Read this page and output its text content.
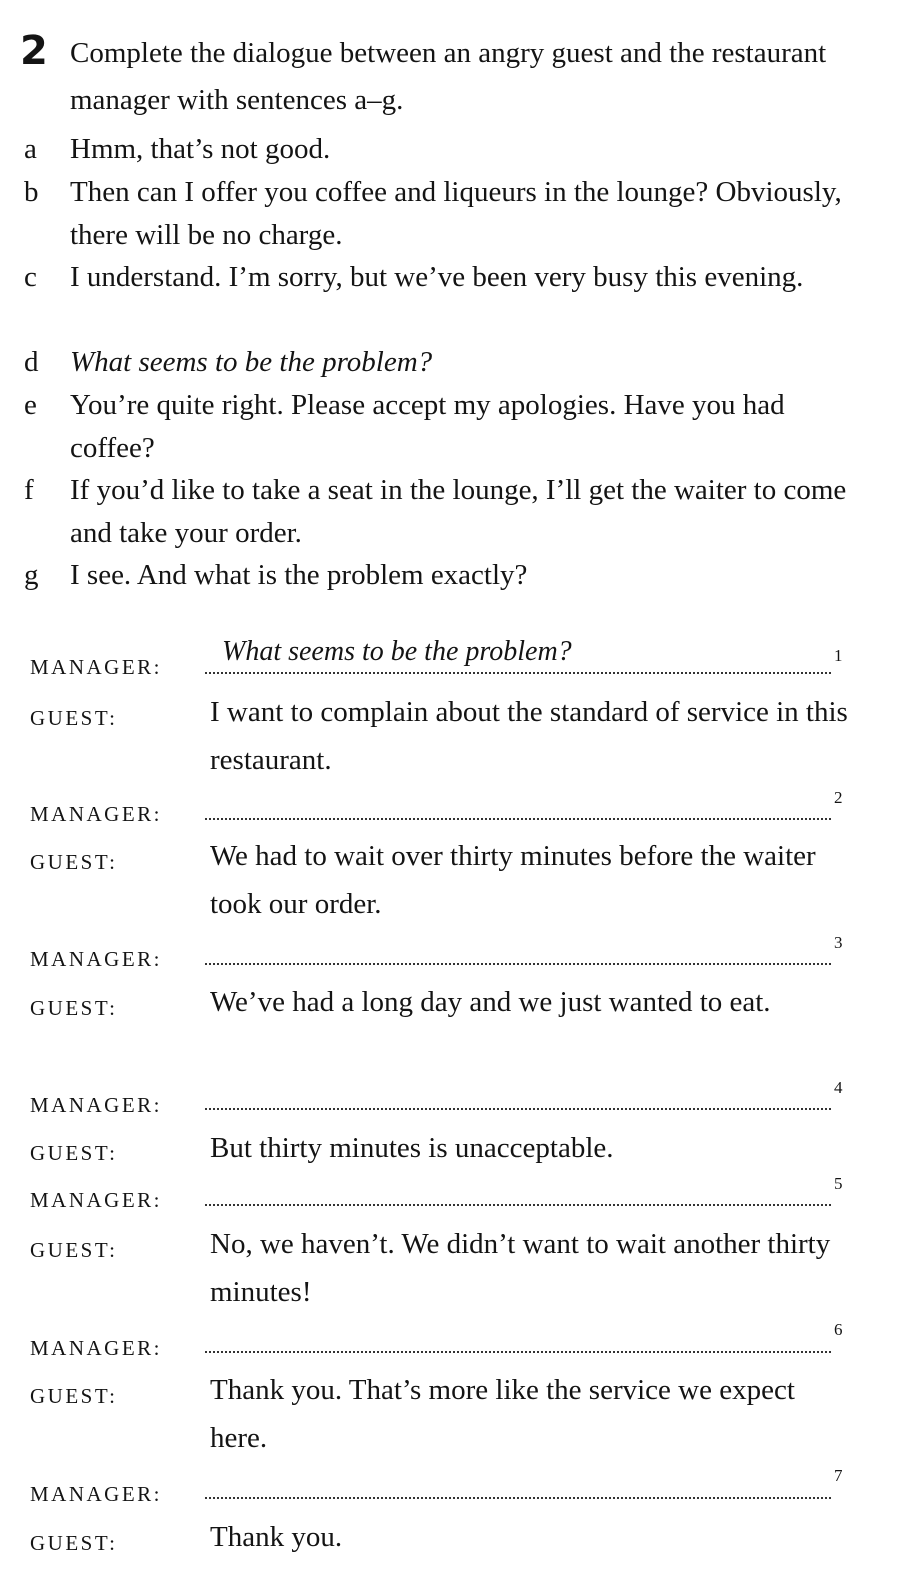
2 Complete the dialogue between an angry guest and the restaurant manager with sentences a–g.
a Hmm, that’s not good.
b Then can I offer you coffee and liqueurs in the lounge? Obviously, there will be no charge.
c I understand. I’m sorry, but we’ve been very busy this evening.
d What seems to be the problem?
e You’re quite right. Please accept my apologies. Have you had coffee?
f If you’d like to take a seat in the lounge, I’ll get the waiter to come and take your order.
g I see. And what is the problem exactly?
MANAGER: What seems to be the problem?	1
GUEST:	I want to complain about the standard of service in this restaurant.
MANAGER:
2
GUEST:	We had to wait over thirty minutes before the waiter took our order.
MANAGER:
3
GUEST:	We’ve had a long day and we just wanted to eat.
MANAGER:
4
GUEST:	But thirty minutes is unacceptable.
MANAGER:
5
GUEST:	No, we haven’t. We didn’t want to wait another thirty minutes!
MANAGER:
6
GUEST:	Thank you. That’s more like the service we expect here.
MANAGER:
7
GUEST:	Thank you.
